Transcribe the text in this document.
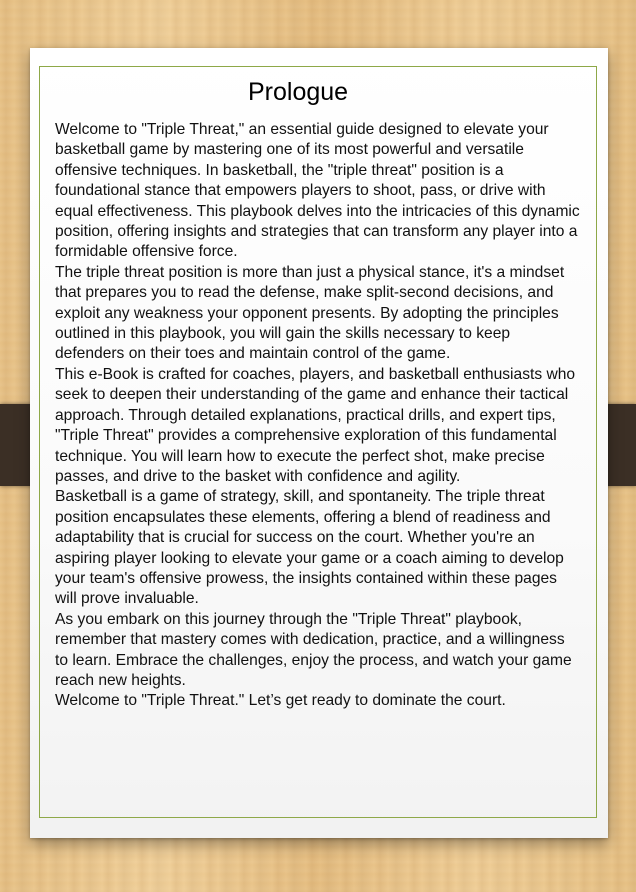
Prologue

Welcome to "Triple Threat," an essential guide designed to elevate your basketball game by mastering one of its most powerful and versatile offensive techniques. In basketball, the "triple threat" position is a foundational stance that empowers players to shoot, pass, or drive with equal effectiveness. This playbook delves into the intricacies of this dynamic position, offering insights and strategies that can transform any player into a formidable offensive force.

The triple threat position is more than just a physical stance, it's a mindset that prepares you to read the defense, make split-second decisions, and exploit any weakness your opponent presents. By adopting the principles outlined in this playbook, you will gain the skills necessary to keep defenders on their toes and maintain control of the game.

This e-Book is crafted for coaches, players, and basketball enthusiasts who seek to deepen their understanding of the game and enhance their tactical approach. Through detailed explanations, practical drills, and expert tips, "Triple Threat" provides a comprehensive exploration of this fundamental technique. You will learn how to execute the perfect shot, make precise passes, and drive to the basket with confidence and agility.

Basketball is a game of strategy, skill, and spontaneity. The triple threat position encapsulates these elements, offering a blend of readiness and adaptability that is crucial for success on the court. Whether you're an aspiring player looking to elevate your game or a coach aiming to develop your team's offensive prowess, the insights contained within these pages will prove invaluable.

As you embark on this journey through the "Triple Threat" playbook, remember that mastery comes with dedication, practice, and a willingness to learn. Embrace the challenges, enjoy the process, and watch your game reach new heights.

Welcome to "Triple Threat." Let’s get ready to dominate the court.
